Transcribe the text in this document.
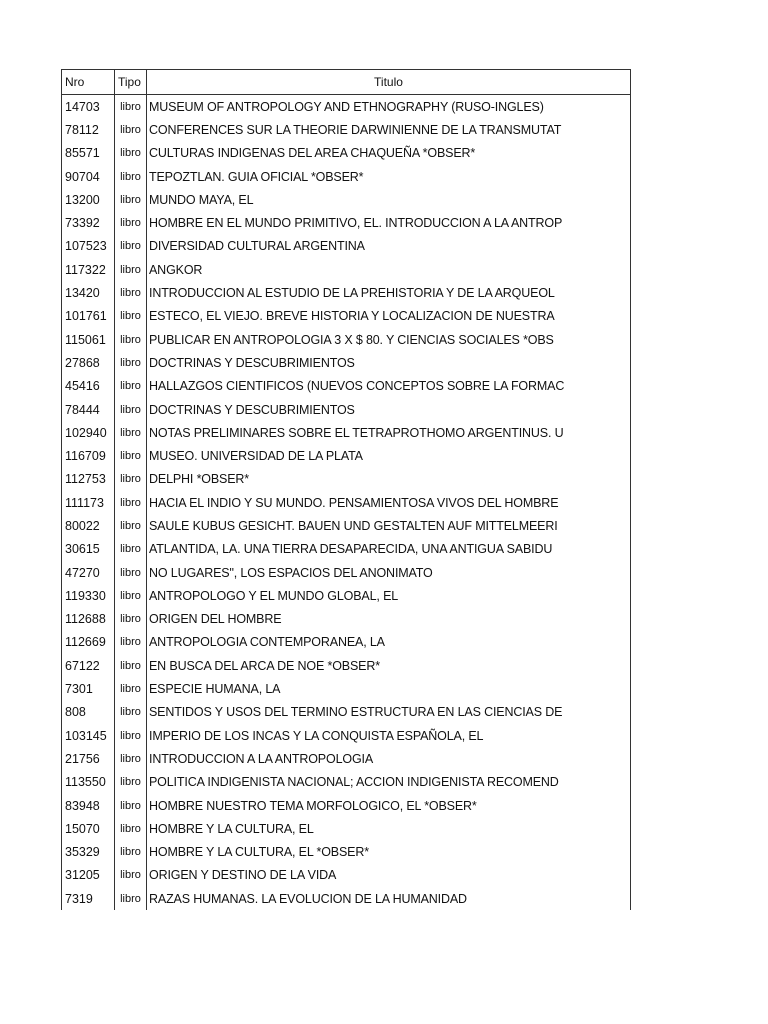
Nro	Tipo	Titulo
14703	libro	MUSEUM OF ANTROPOLOGY AND ETHNOGRAPHY (RUSO-INGLES)
78112	libro	CONFERENCES SUR LA THEORIE DARWINIENNE DE LA TRANSMUTAT
85571	libro	CULTURAS INDIGENAS DEL AREA CHAQUEÑA *OBSER*
90704	libro	TEPOZTLAN. GUIA OFICIAL *OBSER*
13200	libro	MUNDO MAYA, EL
73392	libro	HOMBRE EN EL MUNDO PRIMITIVO, EL. INTRODUCCION A LA ANTROP
107523	libro	DIVERSIDAD CULTURAL ARGENTINA
117322	libro	ANGKOR
13420	libro	INTRODUCCION AL ESTUDIO DE LA PREHISTORIA Y DE LA ARQUEOL
101761	libro	ESTECO, EL VIEJO. BREVE HISTORIA Y LOCALIZACION DE NUESTRA
115061	libro	PUBLICAR EN ANTROPOLOGIA 3 X $ 80. Y CIENCIAS SOCIALES *OBS
27868	libro	DOCTRINAS Y DESCUBRIMIENTOS
45416	libro	HALLAZGOS CIENTIFICOS (NUEVOS CONCEPTOS SOBRE LA FORMAC
78444	libro	DOCTRINAS Y DESCUBRIMIENTOS
102940	libro	NOTAS PRELIMINARES SOBRE EL TETRAPROTHOMO ARGENTINUS. U
116709	libro	MUSEO. UNIVERSIDAD DE LA PLATA
112753	libro	DELPHI *OBSER*
111173	libro	HACIA EL INDIO Y SU MUNDO. PENSAMIENTOSA VIVOS DEL HOMBRE
80022	libro	SAULE KUBUS GESICHT. BAUEN UND GESTALTEN AUF MITTELMEERI
30615	libro	ATLANTIDA, LA. UNA TIERRA DESAPARECIDA, UNA ANTIGUA SABIDU
47270	libro	NO LUGARES", LOS ESPACIOS DEL ANONIMATO
119330	libro	ANTROPOLOGO Y EL MUNDO GLOBAL, EL
112688	libro	ORIGEN DEL HOMBRE
112669	libro	ANTROPOLOGIA CONTEMPORANEA, LA
67122	libro	EN BUSCA DEL ARCA DE NOE *OBSER*
7301	libro	ESPECIE HUMANA, LA
808	libro	SENTIDOS Y USOS DEL TERMINO ESTRUCTURA EN LAS CIENCIAS DE
103145	libro	IMPERIO DE LOS INCAS Y LA CONQUISTA ESPAÑOLA, EL
21756	libro	INTRODUCCION A LA ANTROPOLOGIA
113550	libro	POLITICA INDIGENISTA NACIONAL; ACCION INDIGENISTA RECOMEND
83948	libro	HOMBRE NUESTRO TEMA MORFOLOGICO, EL *OBSER*
15070	libro	HOMBRE Y LA CULTURA, EL
35329	libro	HOMBRE Y LA CULTURA, EL *OBSER*
31205	libro	ORIGEN Y DESTINO DE LA VIDA
7319	libro	RAZAS HUMANAS. LA EVOLUCION DE LA HUMANIDAD
